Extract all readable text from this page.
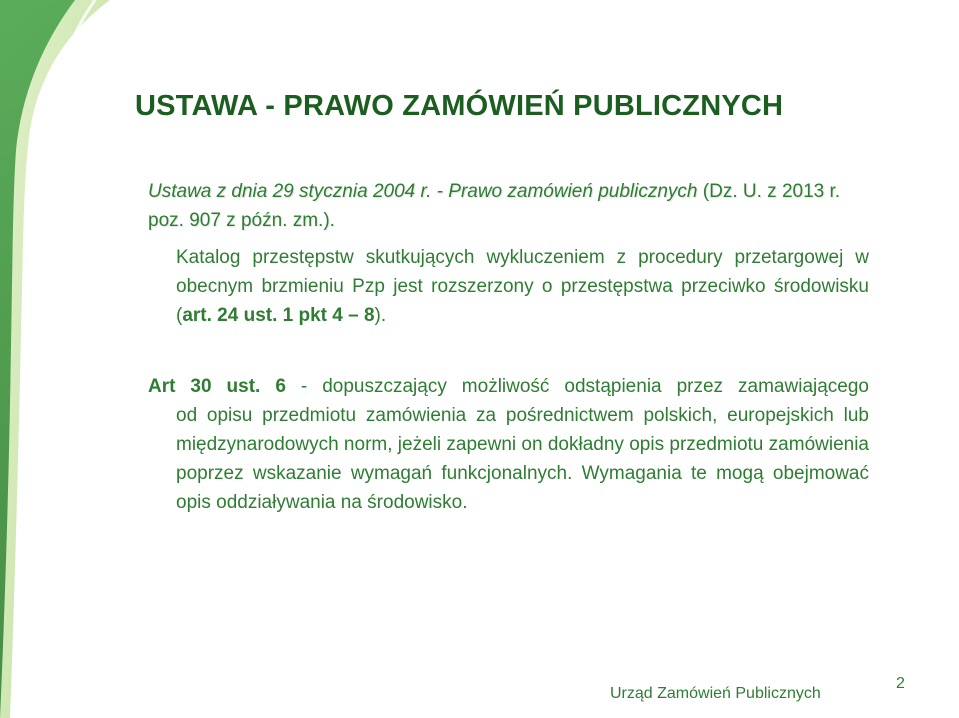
USTAWA - PRAWO ZAMÓWIEŃ PUBLICZNYCH
Ustawa z dnia 29 stycznia 2004 r. - Prawo zamówień publicznych (Dz. U. z 2013 r. poz. 907 z późn. zm.).
Katalog przestępstw skutkujących wykluczeniem z procedury przetargowej w obecnym brzmieniu Pzp jest rozszerzony o przestępstwa przeciwko środowisku (art. 24 ust. 1 pkt 4 – 8).
Art 30 ust. 6 - dopuszczający możliwość odstąpienia przez zamawiającego
od opisu przedmiotu zamówienia za pośrednictwem polskich, europejskich lub międzynarodowych norm, jeżeli zapewni on dokładny opis przedmiotu zamówienia poprzez wskazanie wymagań funkcjonalnych. Wymagania te mogą obejmować opis oddziaływania na środowisko.
Urząd Zamówień Publicznych
2
